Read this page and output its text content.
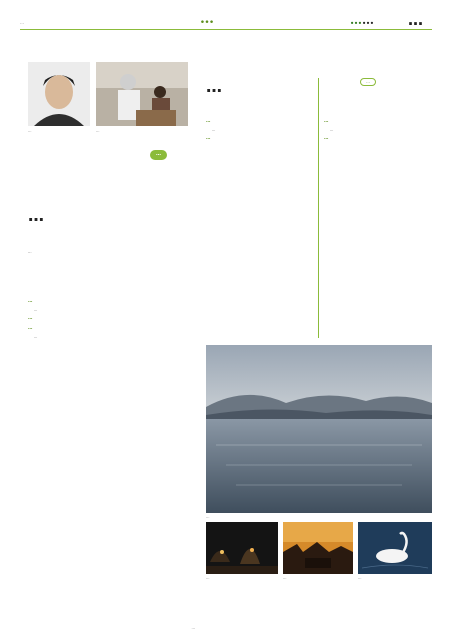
…	…	…… …
…	…
…
…
…
…

…

…
…

…

…
…	…
…

…

…
…

…

…
…
…	…	…
